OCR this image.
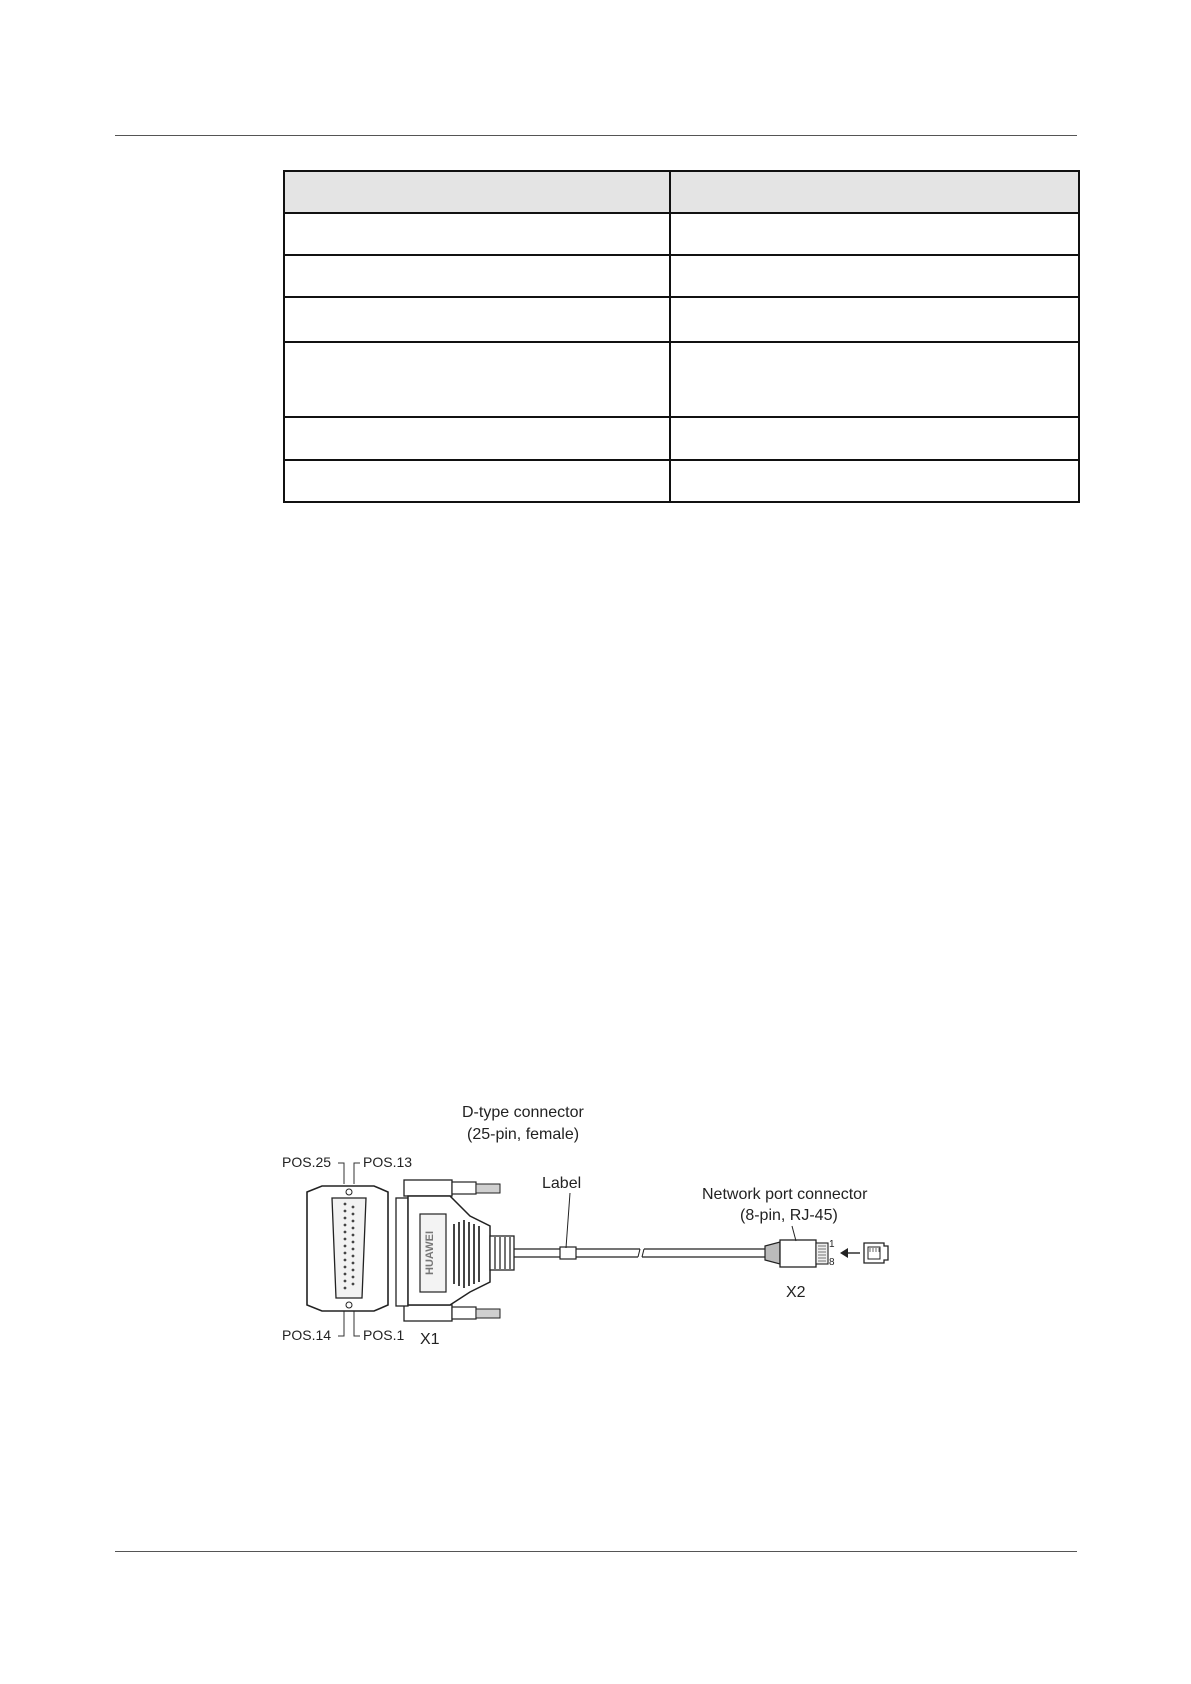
D-type connector
(25-pin, female)
POS.25 POS.13
POS.14 POS.1
HUAWEI
X1
Label
Network port connector
(8-pin, RJ-45)
1
8
X2
